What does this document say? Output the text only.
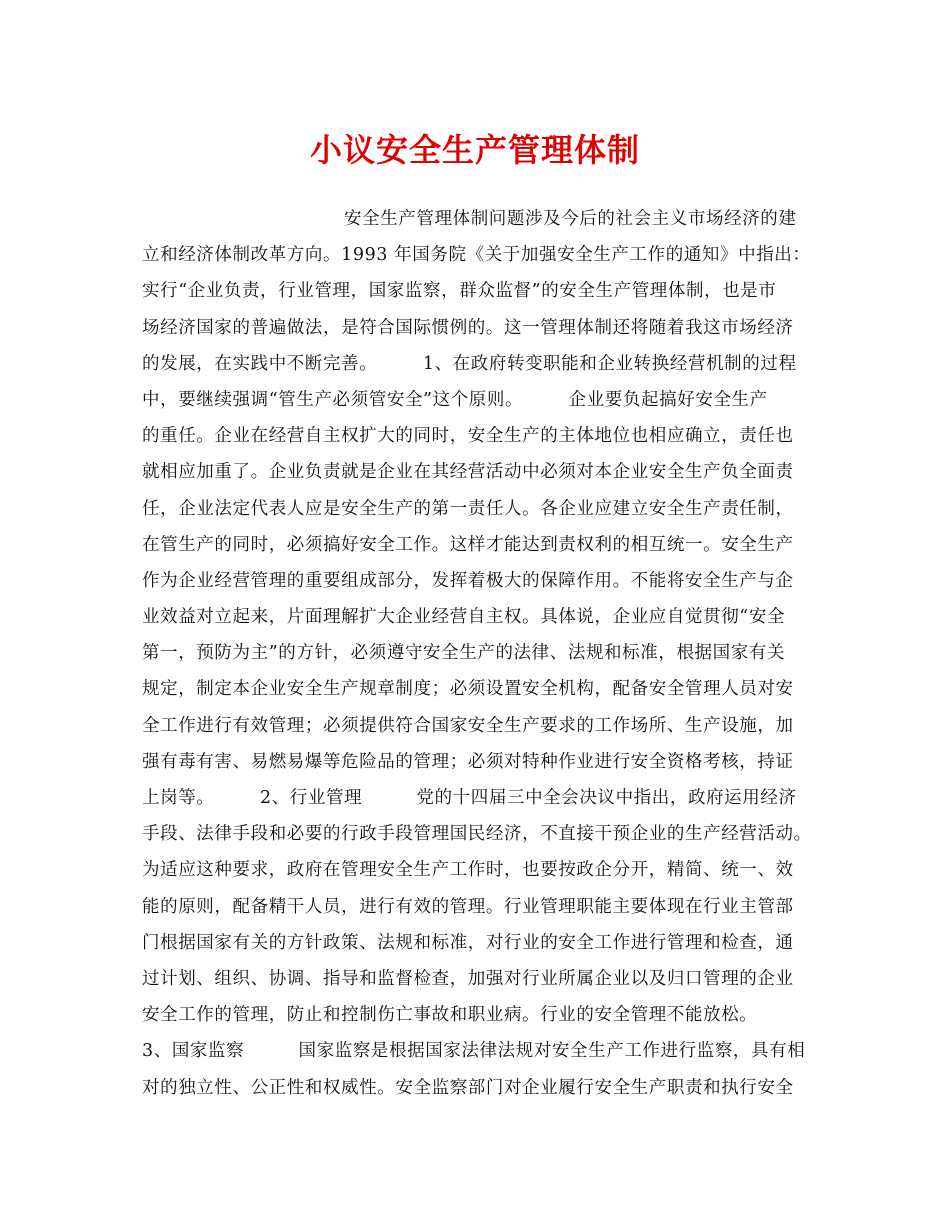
小议安全生产管理体制
安全生产管理体制问题涉及今后的社会主义市场经济的建
立和经济体制改革方向。1993 年国务院《关于加强安全生产工作的通知》中指出：
实行“企业负责，行业管理，国家监察，群众监督”的安全生产管理体制，也是市
场经济国家的普遍做法，是符合国际惯例的。这一管理体制还将随着我这市场经济
的发展，在实践中不断完善。　　　1、在政府转变职能和企业转换经营机制的过程
中，要继续强调“管生产必须管安全”这个原则。　　　企业要负起搞好安全生产
的重任。企业在经营自主权扩大的同时，安全生产的主体地位也相应确立，责任也
就相应加重了。企业负责就是企业在其经营活动中必须对本企业安全生产负全面责
任，企业法定代表人应是安全生产的第一责任人。各企业应建立安全生产责任制，
在管生产的同时，必须搞好安全工作。这样才能达到责权利的相互统一。安全生产
作为企业经营管理的重要组成部分，发挥着极大的保障作用。不能将安全生产与企
业效益对立起来，片面理解扩大企业经营自主权。具体说，企业应自觉贯彻“安全
第一，预防为主”的方针，必须遵守安全生产的法律、法规和标准，根据国家有关
规定，制定本企业安全生产规章制度；必须设置安全机构，配备安全管理人员对安
全工作进行有效管理；必须提供符合国家安全生产要求的工作场所、生产设施，加
强有毒有害、易燃易爆等危险品的管理；必须对特种作业进行安全资格考核，持证
上岗等。　　　2、行业管理　　　党的十四届三中全会决议中指出，政府运用经济
手段、法律手段和必要的行政手段管理国民经济，不直接干预企业的生产经营活动。
为适应这种要求，政府在管理安全生产工作时，也要按政企分开，精简、统一、效
能的原则，配备精干人员，进行有效的管理。行业管理职能主要体现在行业主管部
门根据国家有关的方针政策、法规和标准，对行业的安全工作进行管理和检查，通
过计划、组织、协调、指导和监督检查，加强对行业所属企业以及归口管理的企业
安全工作的管理，防止和控制伤亡事故和职业病。行业的安全管理不能放松。
3、国家监察　　　国家监察是根据国家法律法规对安全生产工作进行监察，具有相
对的独立性、公正性和权威性。安全监察部门对企业履行安全生产职责和执行安全
